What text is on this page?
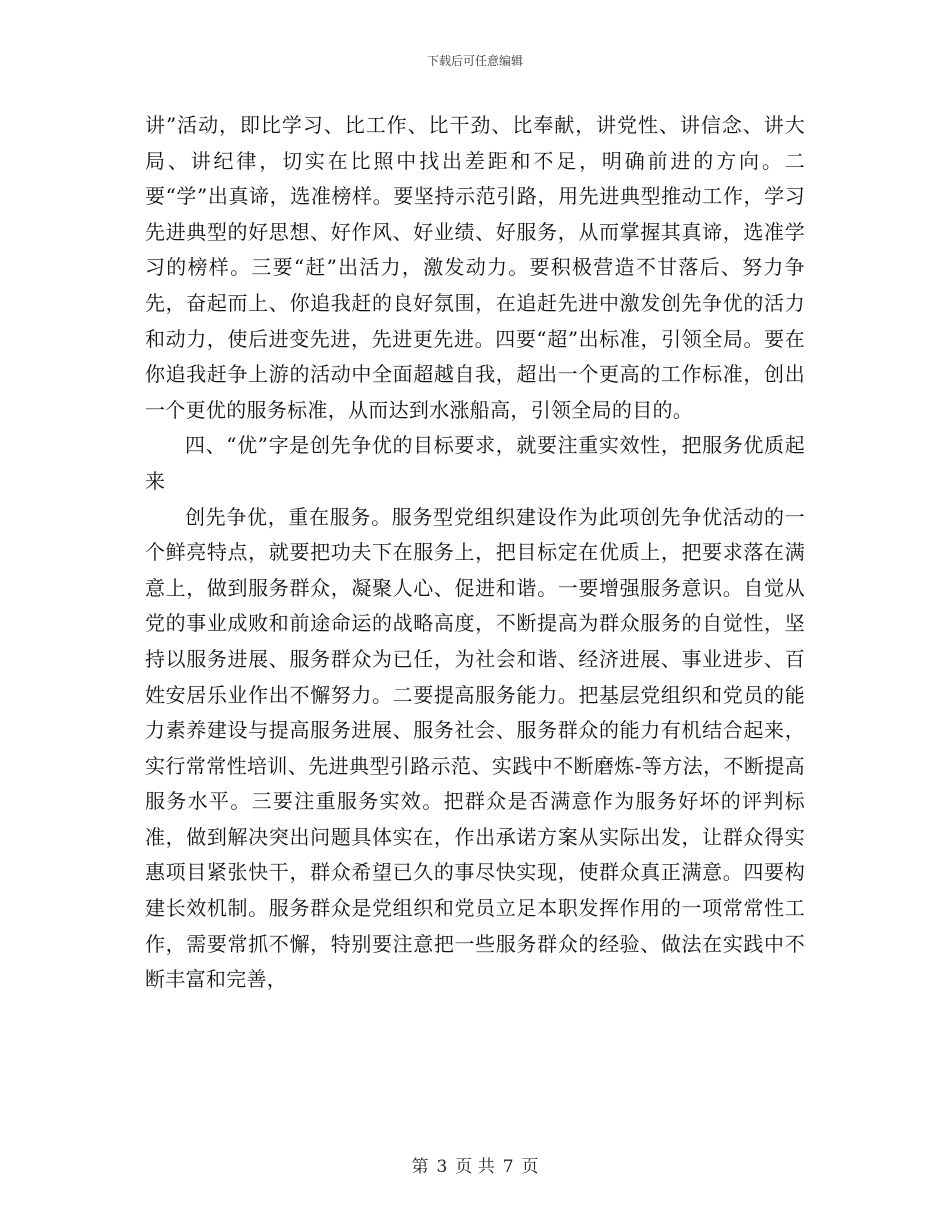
下载后可任意编辑

讲”活动，即比学习、比工作、比干劲、比奉献，讲党性、讲信念、讲大局、讲纪律，切实在比照中找出差距和不足，明确前进的方向。二要“学”出真谛，选准榜样。要坚持示范引路，用先进典型推动工作，学习先进典型的好思想、好作风、好业绩、好服务，从而掌握其真谛，选准学习的榜样。三要“赶”出活力，激发动力。要积极营造不甘落后、努力争先，奋起而上、你追我赶的良好氛围，在追赶先进中激发创先争优的活力和动力，使后进变先进，先进更先进。四要“超”出标准，引领全局。要在你追我赶争上游的活动中全面超越自我，超出一个更高的工作标准，创出一个更优的服务标准，从而达到水涨船高，引领全局的目的。

四、“优”字是创先争优的目标要求，就要注重实效性，把服务优质起来

创先争优，重在服务。服务型党组织建设作为此项创先争优活动的一个鲜亮特点，就要把功夫下在服务上，把目标定在优质上，把要求落在满意上，做到服务群众，凝聚人心、促进和谐。一要增强服务意识。自觉从党的事业成败和前途命运的战略高度，不断提高为群众服务的自觉性，坚持以服务进展、服务群众为已任，为社会和谐、经济进展、事业进步、百姓安居乐业作出不懈努力。二要提高服务能力。把基层党组织和党员的能力素养建设与提高服务进展、服务社会、服务群众的能力有机结合起来，实行常常性培训、先进典型引路示范、实践中不断磨炼-等方法，不断提高服务水平。三要注重服务实效。把群众是否满意作为服务好坏的评判标准，做到解决突出问题具体实在，作出承诺方案从实际出发，让群众得实惠项目紧张快干，群众希望已久的事尽快实现，使群众真正满意。四要构建长效机制。服务群众是党组织和党员立足本职发挥作用的一项常常性工作，需要常抓不懈，特别要注意把一些服务群众的经验、做法在实践中不断丰富和完善，

第 3 页 共 7 页
